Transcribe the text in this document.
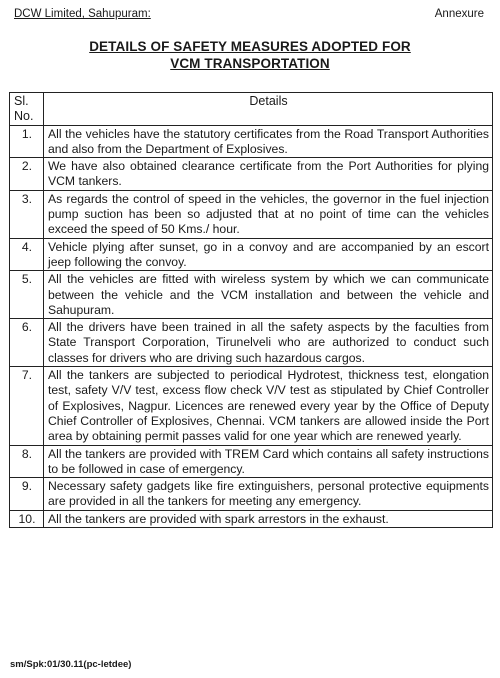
DCW Limited, Sahupuram:	Annexure
DETAILS OF SAFETY MEASURES ADOPTED FOR
VCM TRANSPORTATION
Sl. No.	Details
1.	All the vehicles have the statutory certificates from the Road Transport Authorities and also from the Department of Explosives.
2.	We have also obtained clearance certificate from the Port Authorities for plying VCM tankers.
3.	As regards the control of speed in the vehicles, the governor in the fuel injection pump suction has been so adjusted that at no point of time can the vehicles exceed the speed of 50 Kms./ hour.
4.	Vehicle plying after sunset, go in a convoy and are accompanied by an escort jeep following the convoy.
5.	All the vehicles are fitted with wireless system by which we can communicate between the vehicle and the VCM installation and between the vehicle and Sahupuram.
6.	All the drivers have been trained in all the safety aspects by the faculties from State Transport Corporation, Tirunelveli who are authorized to conduct such classes for drivers who are driving such hazardous cargos.
7.	All the tankers are subjected to periodical Hydrotest, thickness test, elongation test, safety V/V test, excess flow check V/V test as stipulated by Chief Controller of Explosives, Nagpur. Licences are renewed every year by the Office of Deputy Chief Controller of Explosives, Chennai. VCM tankers are allowed inside the Port area by obtaining permit passes valid for one year which are renewed yearly.
8.	All the tankers are provided with TREM Card which contains all safety instructions to be followed in case of emergency.
9.	Necessary safety gadgets like fire extinguishers, personal protective equipments are provided in all the tankers for meeting any emergency.
10.	All the tankers are provided with spark arrestors in the exhaust.
sm/Spk:01/30.11(pc-letdee)
